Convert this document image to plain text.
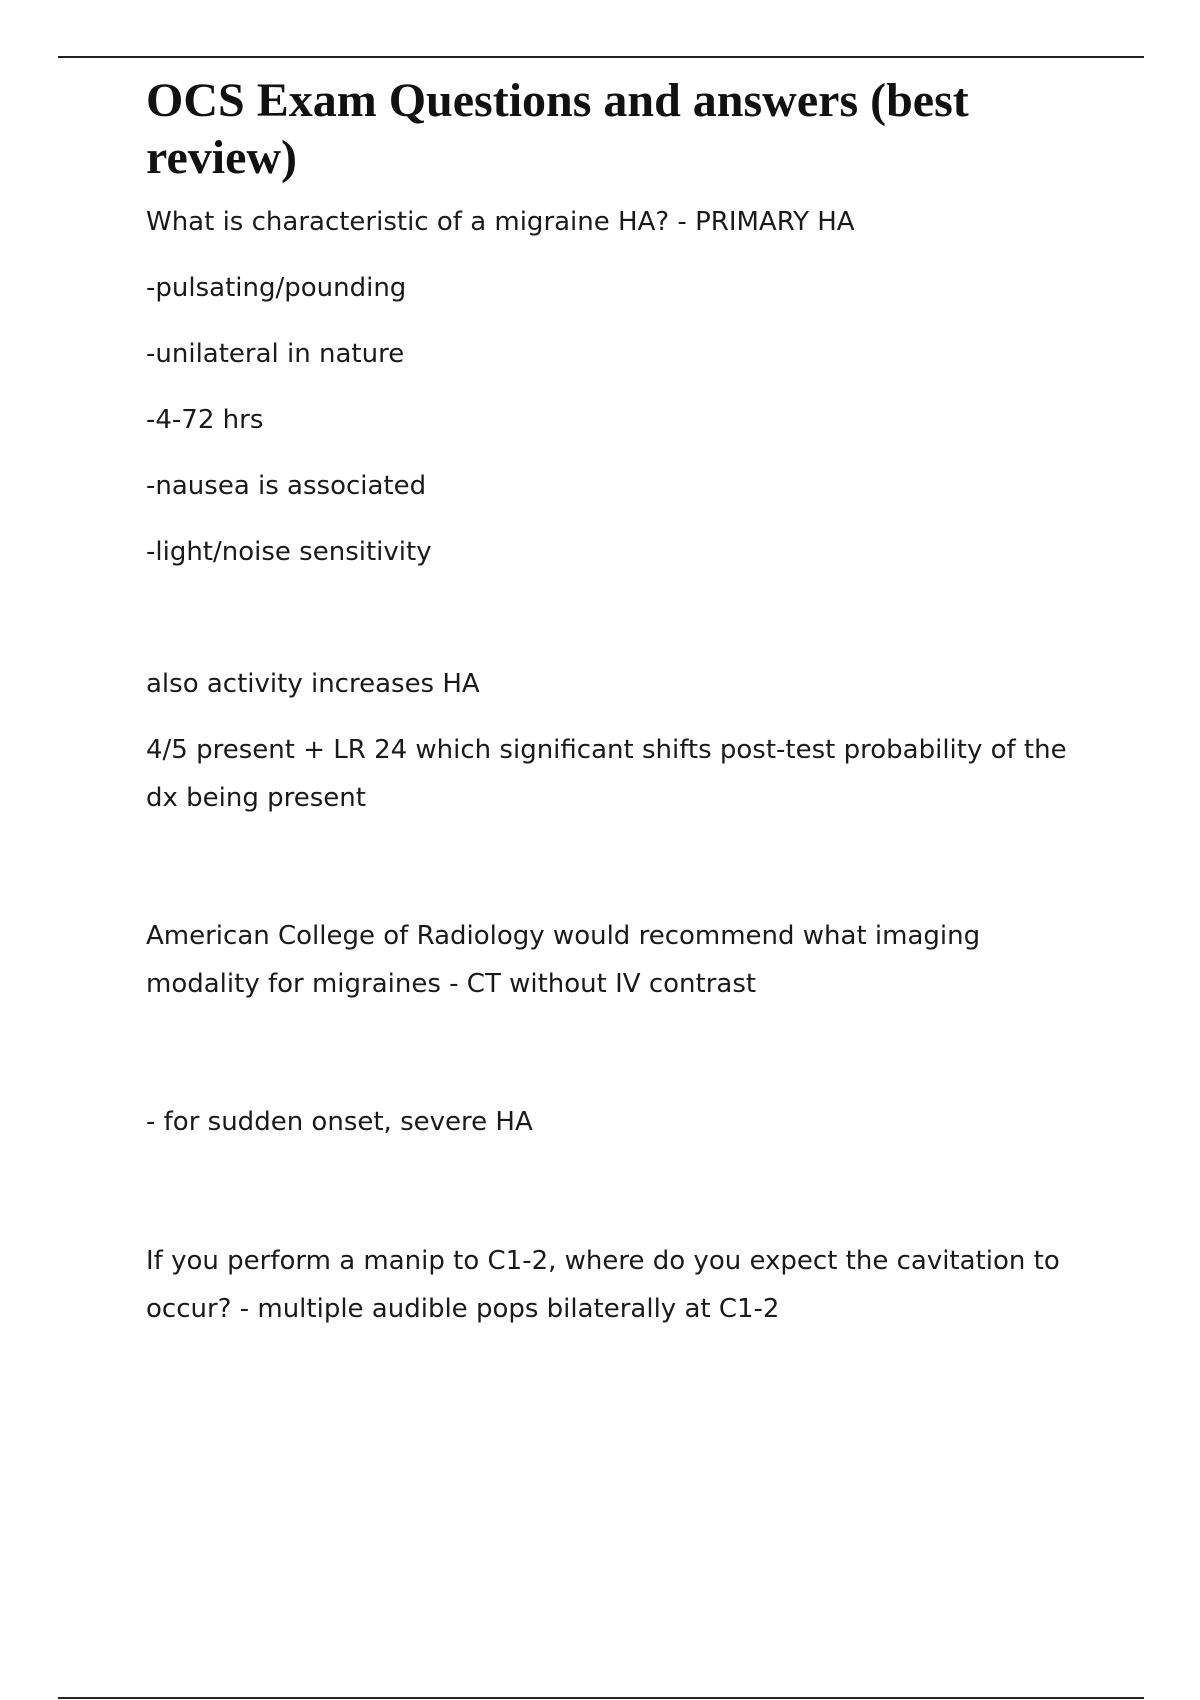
OCS Exam Questions and answers (best review)

What is characteristic of a migraine HA? - PRIMARY HA

-pulsating/pounding

-unilateral in nature

-4-72 hrs

-nausea is associated

-light/noise sensitivity

also activity increases HA

4/5 present + LR 24 which significant shifts post-test probability of the dx being present

American College of Radiology would recommend what imaging modality for migraines - CT without IV contrast

- for sudden onset, severe HA

If you perform a manip to C1-2, where do you expect the cavitation to occur? - multiple audible pops bilaterally at C1-2
